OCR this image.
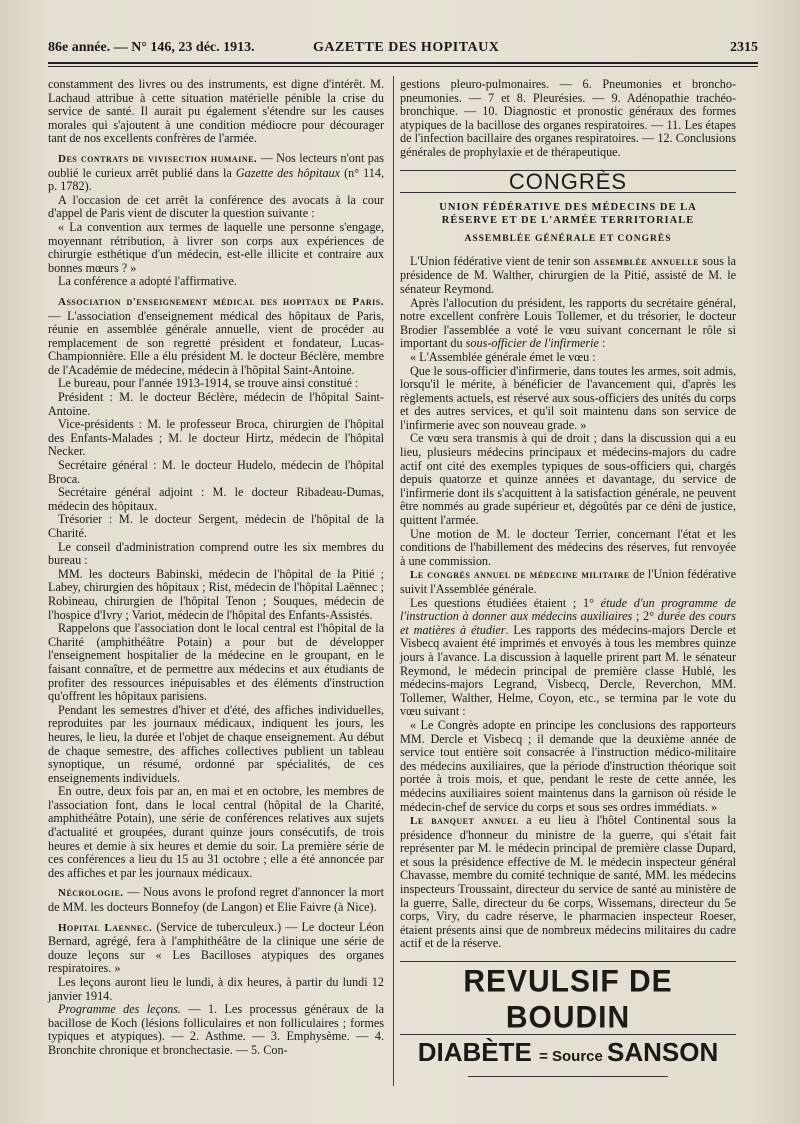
86e année. — N° 146, 23 déc. 1913.	GAZETTE DES HOPITAUX	2315

constamment des livres ou des instruments, est digne d'intérêt. M. Lachaud attribue à cette situation matérielle pénible la crise du service de santé. Il aurait pu également s'étendre sur les causes morales qui s'ajoutent à une condition médiocre pour décourager tant de nos excellents confrères de l'armée.

Des contrats de vivisection humaine. — Nos lecteurs n'ont pas oublié le curieux arrêt publié dans la Gazette des hôpitaux (n° 114, p. 1782).

A l'occasion de cet arrêt la conférence des avocats à la cour d'appel de Paris vient de discuter la question suivante :

« La convention aux termes de laquelle une personne s'engage, moyennant rétribution, à livrer son corps aux expériences de chirurgie esthétique d'un médecin, est-elle illicite et contraire aux bonnes mœurs ? »

La conférence a adopté l'affirmative.

Association d'enseignement médical des hopitaux de Paris. — L'association d'enseignement médical des hôpitaux de Paris, réunie en assemblée générale annuelle, vient de procéder au remplacement de son regretté président et fondateur, Lucas-Championnière. Elle a élu président M. le docteur Béclère, membre de l'Académie de médecine, médecin à l'hôpital Saint-Antoine.

Le bureau, pour l'année 1913-1914, se trouve ainsi constitué :

Président : M. le docteur Béclère, médecin de l'hôpital Saint-Antoine.

Vice-présidents : M. le professeur Broca, chirurgien de l'hôpital des Enfants-Malades ; M. le docteur Hirtz, médecin de l'hôpital Necker.

Secrétaire général : M. le docteur Hudelo, médecin de l'hôpital Broca.

Secrétaire général adjoint : M. le docteur Ribadeau-Dumas, médecin des hôpitaux.

Trésorier : M. le docteur Sergent, médecin de l'hôpital de la Charité.

Le conseil d'administration comprend outre les six membres du bureau :

MM. les docteurs Babinski, médecin de l'hôpital de la Pitié ; Labey, chirurgien des hôpitaux ; Rist, médecin de l'hôpital Laënnec ; Robineau, chirurgien de l'hôpital Tenon ; Souques, médecin de l'hospice d'Ivry ; Variot, médecin de l'hôpital des Enfants-Assistés.

Rappelons que l'association dont le local central est l'hôpital de la Charité (amphithéâtre Potain) a pour but de développer l'enseignement hospitalier de la médecine en le groupant, en le faisant connaître, et de permettre aux médecins et aux étudiants de profiter des ressources inépuisables et des éléments d'instruction qu'offrent les hôpitaux parisiens.

Pendant les semestres d'hiver et d'été, des affiches individuelles, reproduites par les journaux médicaux, indiquent les jours, les heures, le lieu, la durée et l'objet de chaque enseignement. Au début de chaque semestre, des affiches collectives publient un tableau synoptique, un résumé, ordonné par spécialités, de ces enseignements individuels.

En outre, deux fois par an, en mai et en octobre, les membres de l'association font, dans le local central (hôpital de la Charité, amphithéâtre Potain), une série de conférences relatives aux sujets d'actualité et groupées, durant quinze jours consécutifs, de trois heures et demie à six heures et demie du soir. La première série de ces conférences a lieu du 15 au 31 octobre ; elle a été annoncée par des affiches et par les journaux médicaux.

Nécrologie. — Nous avons le profond regret d'annoncer la mort de MM. les docteurs Bonnefoy (de Langon) et Elie Faivre (à Nice).

Hopital Laennec. (Service de tuberculeux.) — Le docteur Léon Bernard, agrégé, fera à l'amphithéâtre de la clinique une série de douze leçons sur « Les Bacilloses atypiques des organes respiratoires. »

Les leçons auront lieu le lundi, à dix heures, à partir du lundi 12 janvier 1914.

Programme des leçons. — 1. Les processus généraux de la bacillose de Koch (lésions folliculaires et non folliculaires ; formes typiques et atypiques). — 2. Asthme. — 3. Emphysème. — 4. Bronchite chronique et bronchectasie. — 5. Con-

gestions pleuro-pulmonaires. — 6. Pneumonies et broncho-pneumonies. — 7 et 8. Pleurésies. — 9. Adénopathie trachéo-bronchique. — 10. Diagnostic et pronostic généraux des formes atypiques de la bacillose des organes respiratoires. — 11. Les étapes de l'infection bacillaire des organes respiratoires. — 12. Conclusions générales de prophylaxie et de thérapeutique.

CONGRÈS
UNION FÉDÉRATIVE DES MÉDECINS DE LA RÉSERVE ET DE L'ARMÉE TERRITORIALE
ASSEMBLÉE GÉNÉRALE ET CONGRÈS

L'Union fédérative vient de tenir son assemblée annuelle sous la présidence de M. Walther, chirurgien de la Pitié, assisté de M. le sénateur Reymond.

Après l'allocution du président, les rapports du secrétaire général, notre excellent confrère Louis Tollemer, et du trésorier, le docteur Brodier l'assemblée a voté le vœu suivant concernant le rôle si important du sous-officier de l'infirmerie :

« L'Assemblée générale émet le vœu :

Que le sous-officier d'infirmerie, dans toutes les armes, soit admis, lorsqu'il le mérite, à bénéficier de l'avancement qui, d'après les règlements actuels, est réservé aux sous-officiers des unités du corps et des autres services, et qu'il soit maintenu dans son service de l'infirmerie avec son nouveau grade. »

Ce vœu sera transmis à qui de droit ; dans la discussion qui a eu lieu, plusieurs médecins principaux et médecins-majors du cadre actif ont cité des exemples typiques de sous-officiers qui, chargés depuis quatorze et quinze années et davantage, du service de l'infirmerie dont ils s'acquittent à la satisfaction générale, ne peuvent être nommés au grade supérieur et, dégoûtés par ce déni de justice, quittent l'armée.

Une motion de M. le docteur Terrier, concernant l'état et les conditions de l'habillement des médecins des réserves, fut renvoyée à une commission.

Le congrès annuel de médecine militaire de l'Union fédérative suivit l'Assemblée générale.

Les questions étudiées étaient ; 1° étude d'un programme de l'instruction à donner aux médecins auxiliaires ; 2° durée des cours et matières à étudier. Les rapports des médecins-majors Dercle et Visbecq avaient été imprimés et envoyés à tous les membres quinze jours à l'avance. La discussion à laquelle prirent part M. le sénateur Reymond, le médecin principal de première classe Hublé, les médecins-majors Legrand, Visbecq, Dercle, Reverchon, MM. Tollemer, Walther, Helme, Coyon, etc., se termina par le vote du vœu suivant :

« Le Congrès adopte en principe les conclusions des rapporteurs MM. Dercle et Visbecq ; il demande que la deuxième année de service tout entière soit consacrée à l'instruction médico-militaire des médecins auxiliaires, que la période d'instruction théorique soit portée à trois mois, et que, pendant le reste de cette année, les médecins auxiliaires soient maintenus dans la garnison où réside le médecin-chef de service du corps et sous ses ordres immédiats. »

Le banquet annuel a eu lieu à l'hôtel Continental sous la présidence d'honneur du ministre de la guerre, qui s'était fait représenter par M. le médecin principal de première classe Dupard, et sous la présidence effective de M. le médecin inspecteur général Chavasse, membre du comité technique de santé, MM. les médecins inspecteurs Troussaint, directeur du service de santé au ministère de la guerre, Salle, directeur du 6e corps, Wissemans, directeur du 5e corps, Viry, du cadre réserve, le pharmacien inspecteur Roeser, étaient présents ainsi que de nombreux médecins militaires du cadre actif et de la réserve.

REVULSIF DE BOUDIN
DIABÈTE = Source SANSON
